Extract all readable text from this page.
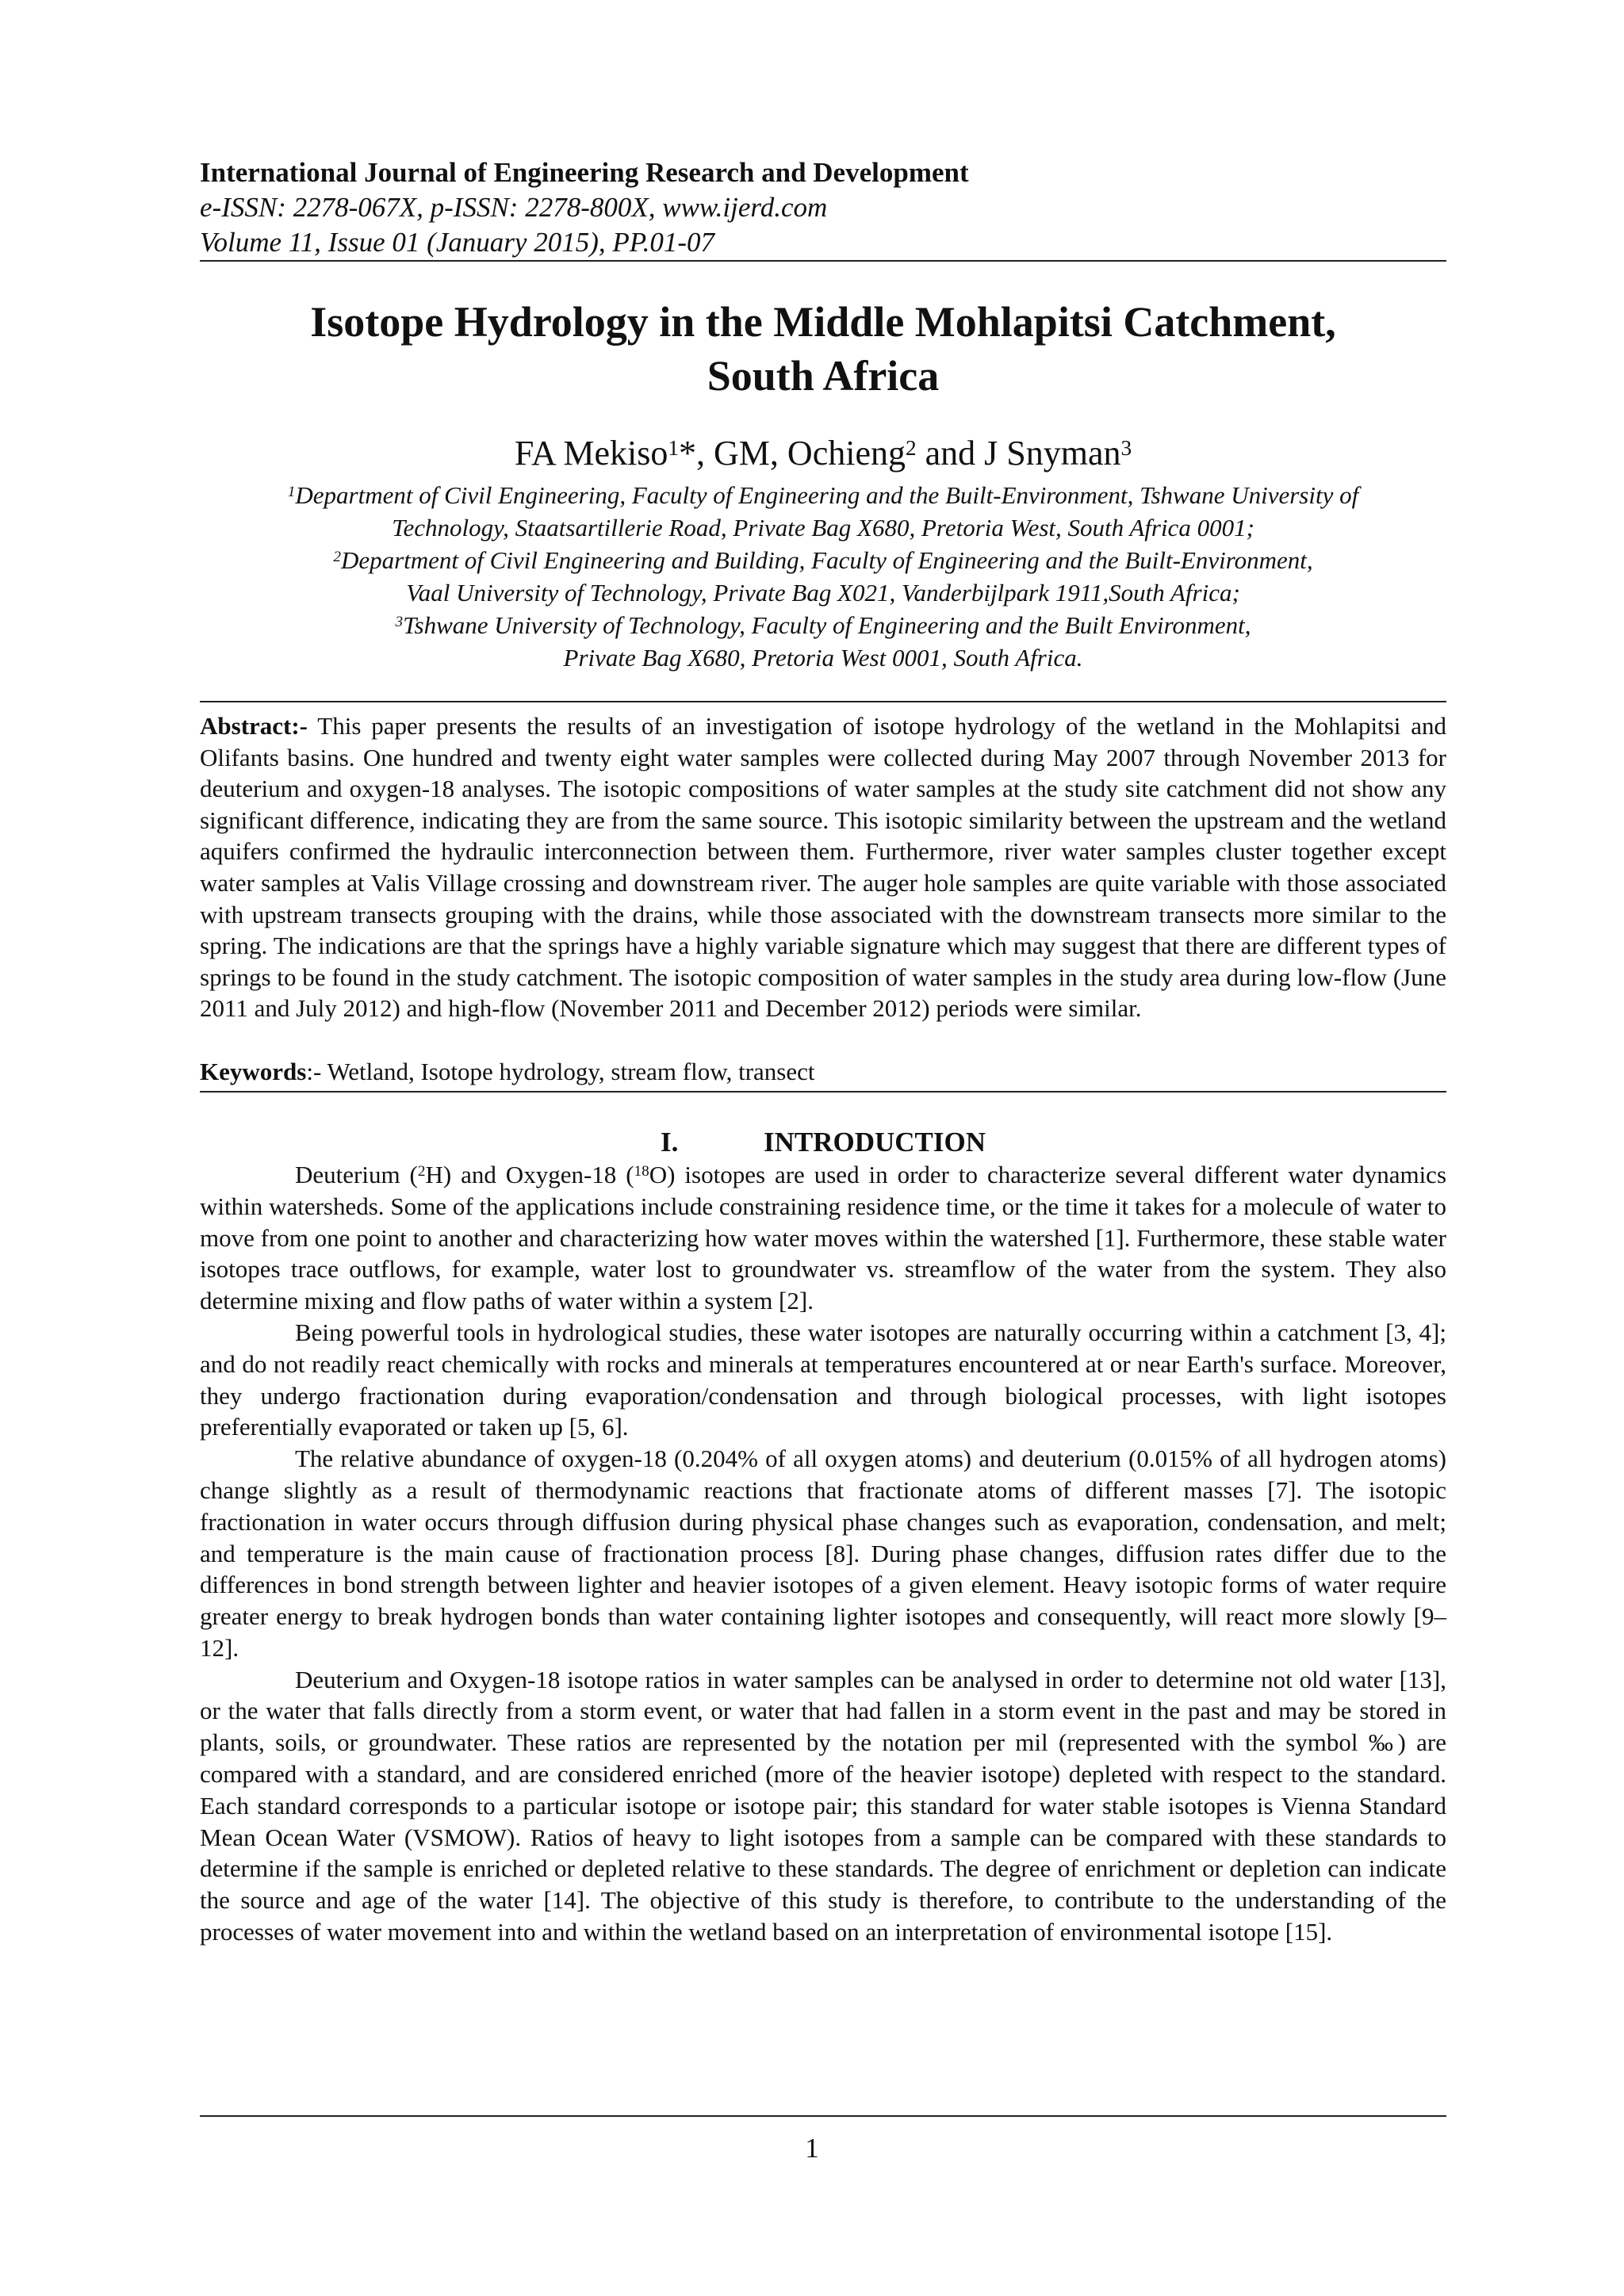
International Journal of Engineering Research and Development
e-ISSN: 2278-067X, p-ISSN: 2278-800X, www.ijerd.com
Volume 11, Issue 01 (January 2015), PP.01-07
Isotope Hydrology in the Middle Mohlapitsi Catchment,
South Africa
FA Mekiso$^1$*, GM, Ochieng$^2$ and J Snyman$^3$
$^1$Department of Civil Engineering, Faculty of Engineering and the Built-Environment, Tshwane University of
Technology, Staatsartillerie Road, Private Bag X680, Pretoria West, South Africa 0001;
$^2$Department of Civil Engineering and Building, Faculty of Engineering and the Built-Environment,
Vaal University of Technology, Private Bag X021, Vanderbijlpark 1911,South Africa;
$^3$Tshwane University of Technology, Faculty of Engineering and the Built Environment,
Private Bag X680, Pretoria West 0001, South Africa.
Abstract:- This paper presents the results of an investigation of isotope hydrology of the wetland in the Mohlapitsi and Olifants basins. One hundred and twenty eight water samples were collected during May 2007 through November 2013 for deuterium and oxygen-18 analyses. The isotopic compositions of water samples at the study site catchment did not show any significant difference, indicating they are from the same source. This isotopic similarity between the upstream and the wetland aquifers confirmed the hydraulic interconnection between them. Furthermore, river water samples cluster together except water samples at Valis Village crossing and downstream river. The auger hole samples are quite variable with those associated with upstream transects grouping with the drains, while those associated with the downstream transects more similar to the spring. The indications are that the springs have a highly variable signature which may suggest that there are different types of springs to be found in the study catchment. The isotopic composition of water samples in the study area during low-flow (June 2011 and July 2012) and high-flow (November 2011 and December 2012) periods were similar.
Keywords:- Wetland, Isotope hydrology, stream flow, transect
I.	INTRODUCTION

Deuterium ($^2$H) and Oxygen-18 ($^{18}$O) isotopes are used in order to characterize several different water dynamics within watersheds. Some of the applications include constraining residence time, or the time it takes for a molecule of water to move from one point to another and characterizing how water moves within the watershed [1]. Furthermore, these stable water isotopes trace outflows, for example, water lost to groundwater vs. streamflow of the water from the system. They also determine mixing and flow paths of water within a system [2].

Being powerful tools in hydrological studies, these water isotopes are naturally occurring within a catchment [3, 4]; and do not readily react chemically with rocks and minerals at temperatures encountered at or near Earth's surface. Moreover, they undergo fractionation during evaporation/condensation and through biological processes, with light isotopes preferentially evaporated or taken up [5, 6].

The relative abundance of oxygen-18 (0.204% of all oxygen atoms) and deuterium (0.015% of all hydrogen atoms) change slightly as a result of thermodynamic reactions that fractionate atoms of different masses [7]. The isotopic fractionation in water occurs through diffusion during physical phase changes such as evaporation, condensation, and melt; and temperature is the main cause of fractionation process [8]. During phase changes, diffusion rates differ due to the differences in bond strength between lighter and heavier isotopes of a given element. Heavy isotopic forms of water require greater energy to break hydrogen bonds than water containing lighter isotopes and consequently, will react more slowly [9–12].

Deuterium and Oxygen-18 isotope ratios in water samples can be analysed in order to determine not old water [13], or the water that falls directly from a storm event, or water that had fallen in a storm event in the past and may be stored in plants, soils, or groundwater. These ratios are represented by the notation per mil (represented with the symbol ‰) are compared with a standard, and are considered enriched (more of the heavier isotope) depleted with respect to the standard. Each standard corresponds to a particular isotope or isotope pair; this standard for water stable isotopes is Vienna Standard Mean Ocean Water (VSMOW). Ratios of heavy to light isotopes from a sample can be compared with these standards to determine if the sample is enriched or depleted relative to these standards. The degree of enrichment or depletion can indicate the source and age of the water [14]. The objective of this study is therefore, to contribute to the understanding of the processes of water movement into and within the wetland based on an interpretation of environmental isotope [15].

1
